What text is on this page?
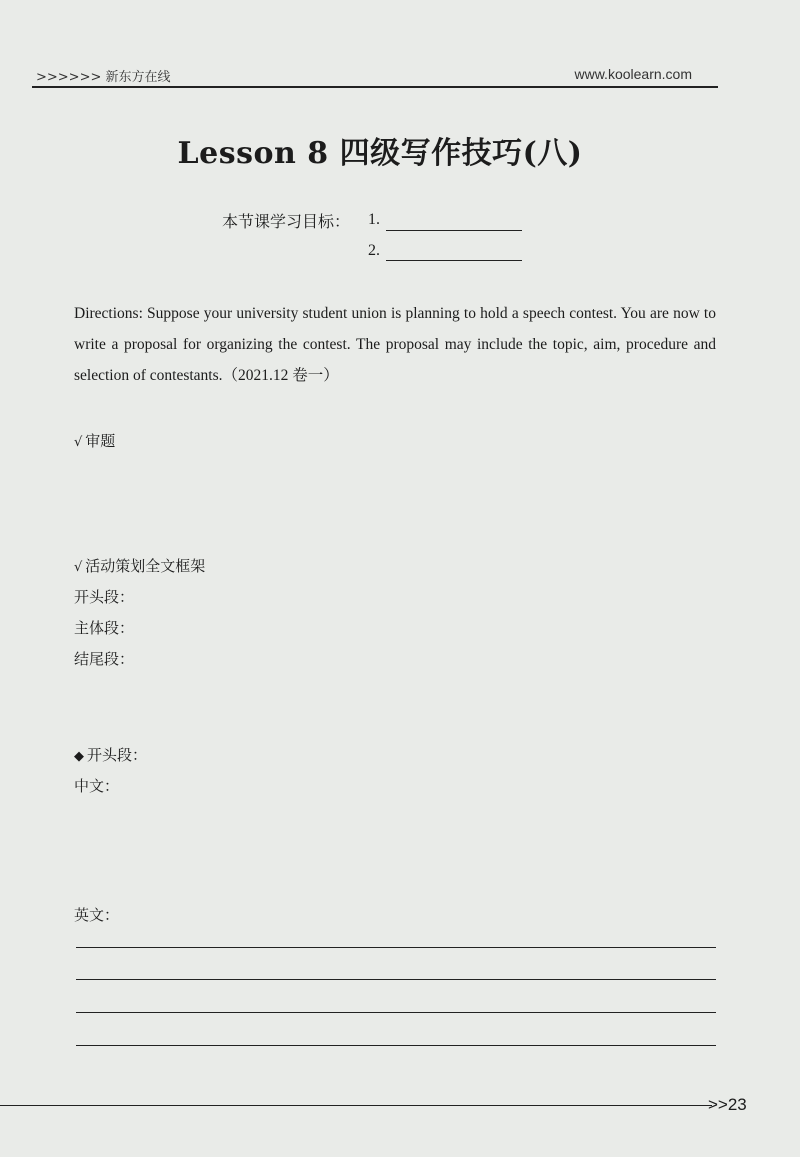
>>>>>> 新东方在线	www.koolearn.com
Lesson 8 四级写作技巧(八)
本节课学习目标： 1.
2.
Directions: Suppose your university student union is planning to hold a speech contest. You are now to write a proposal for organizing the contest. The proposal may include the topic, aim, procedure and selection of contestants.（2021.12 卷一）
√ 审题
√ 活动策划全文框架
开头段：
主体段：
结尾段：
◆ 开头段：
中文：
英文：
>>23
